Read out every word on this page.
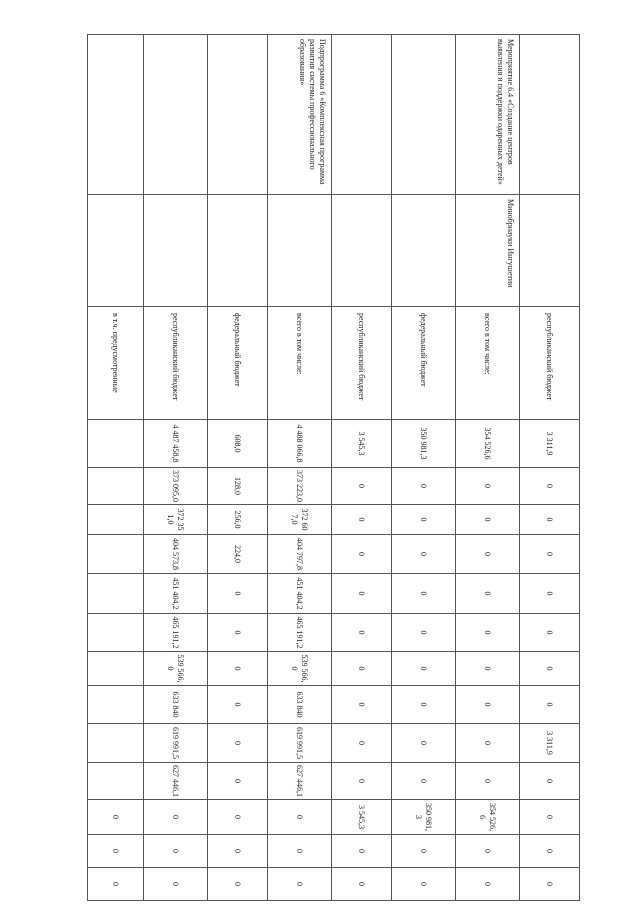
		республиканский бюджет	3 311,9	0	0	0	0	0	0	0	3 311,9	0	0	0	0

Мероприятие 6.4 «Создание центров выявления и поддержки одаренных детей»	Минобрнауки Ингушетии	всего в том числе:	354 526,6	0	0	0	0	0	0	0	0	0	354 526,6	0	0

		федеральный бюджет	350 981,3	0	0	0	0	0	0	0	0	0	350 981,3	0	0

		республиканский бюджет	3 545,3	0	0	0	0	0	0	0	0	0	3 545,3	0	0

Подпрограмма 6 «Комплексная программа развития системы профессионального образования»		всего в том числе:	4 488 066,8	373 223,0	372 607,0	404 797,8	451 404,2	465 191,2	539 566,0	633 840	619 991,5	627 446,1	0	0	0

		федеральный бюджет	608,0	128,0	256,0	224,0	0	0	0	0	0	0	0	0	0

		республиканский бюджет	4 487 458,8	373 095,0	372 351,0	404 573,8	451 404,2	465 191,2	539 566,0	633 840	619 991,5	627 446,1	0	0	0

		в т.ч. предусмотренные											0	0	0
